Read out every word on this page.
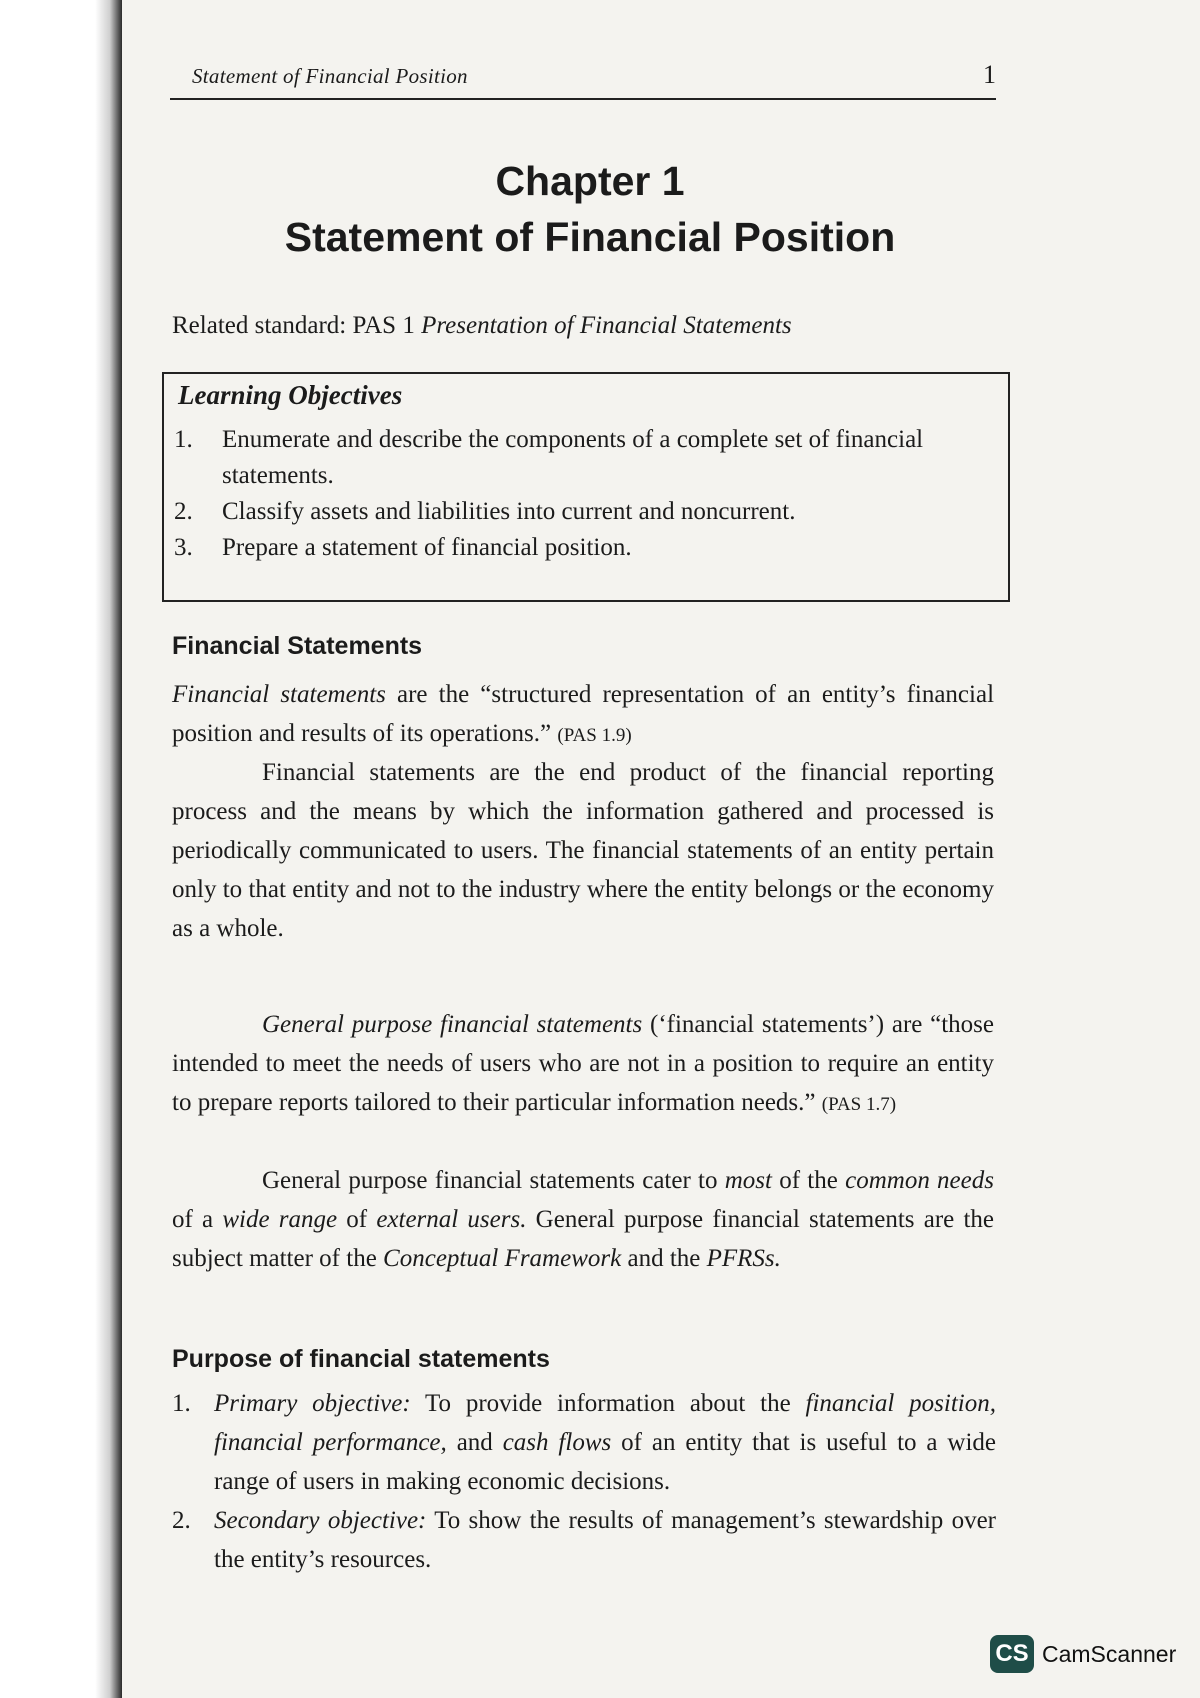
Statement of Financial Position	1
Chapter 1
Statement of Financial Position
Related standard: PAS 1 Presentation of Financial Statements
Learning Objectives
1. Enumerate and describe the components of a complete set of financial statements.
2. Classify assets and liabilities into current and noncurrent.
3. Prepare a statement of financial position.
Financial Statements

Financial statements are the “structured representation of an entity’s financial position and results of its operations.” (PAS 1.9)

Financial statements are the end product of the financial reporting process and the means by which the information gathered and processed is periodically communicated to users. The financial statements of an entity pertain only to that entity and not to the industry where the entity belongs or the economy as a whole.

General purpose financial statements (‘financial statements’) are “those intended to meet the needs of users who are not in a position to require an entity to prepare reports tailored to their particular information needs.” (PAS 1.7)

General purpose financial statements cater to most of the common needs of a wide range of external users. General purpose financial statements are the subject matter of the Conceptual Framework and the PFRSs.

Purpose of financial statements
1. Primary objective: To provide information about the financial position, financial performance, and cash flows of an entity that is useful to a wide range of users in making economic decisions.
2. Secondary objective: To show the results of management’s stewardship over the entity’s resources.
CS CamScanner
